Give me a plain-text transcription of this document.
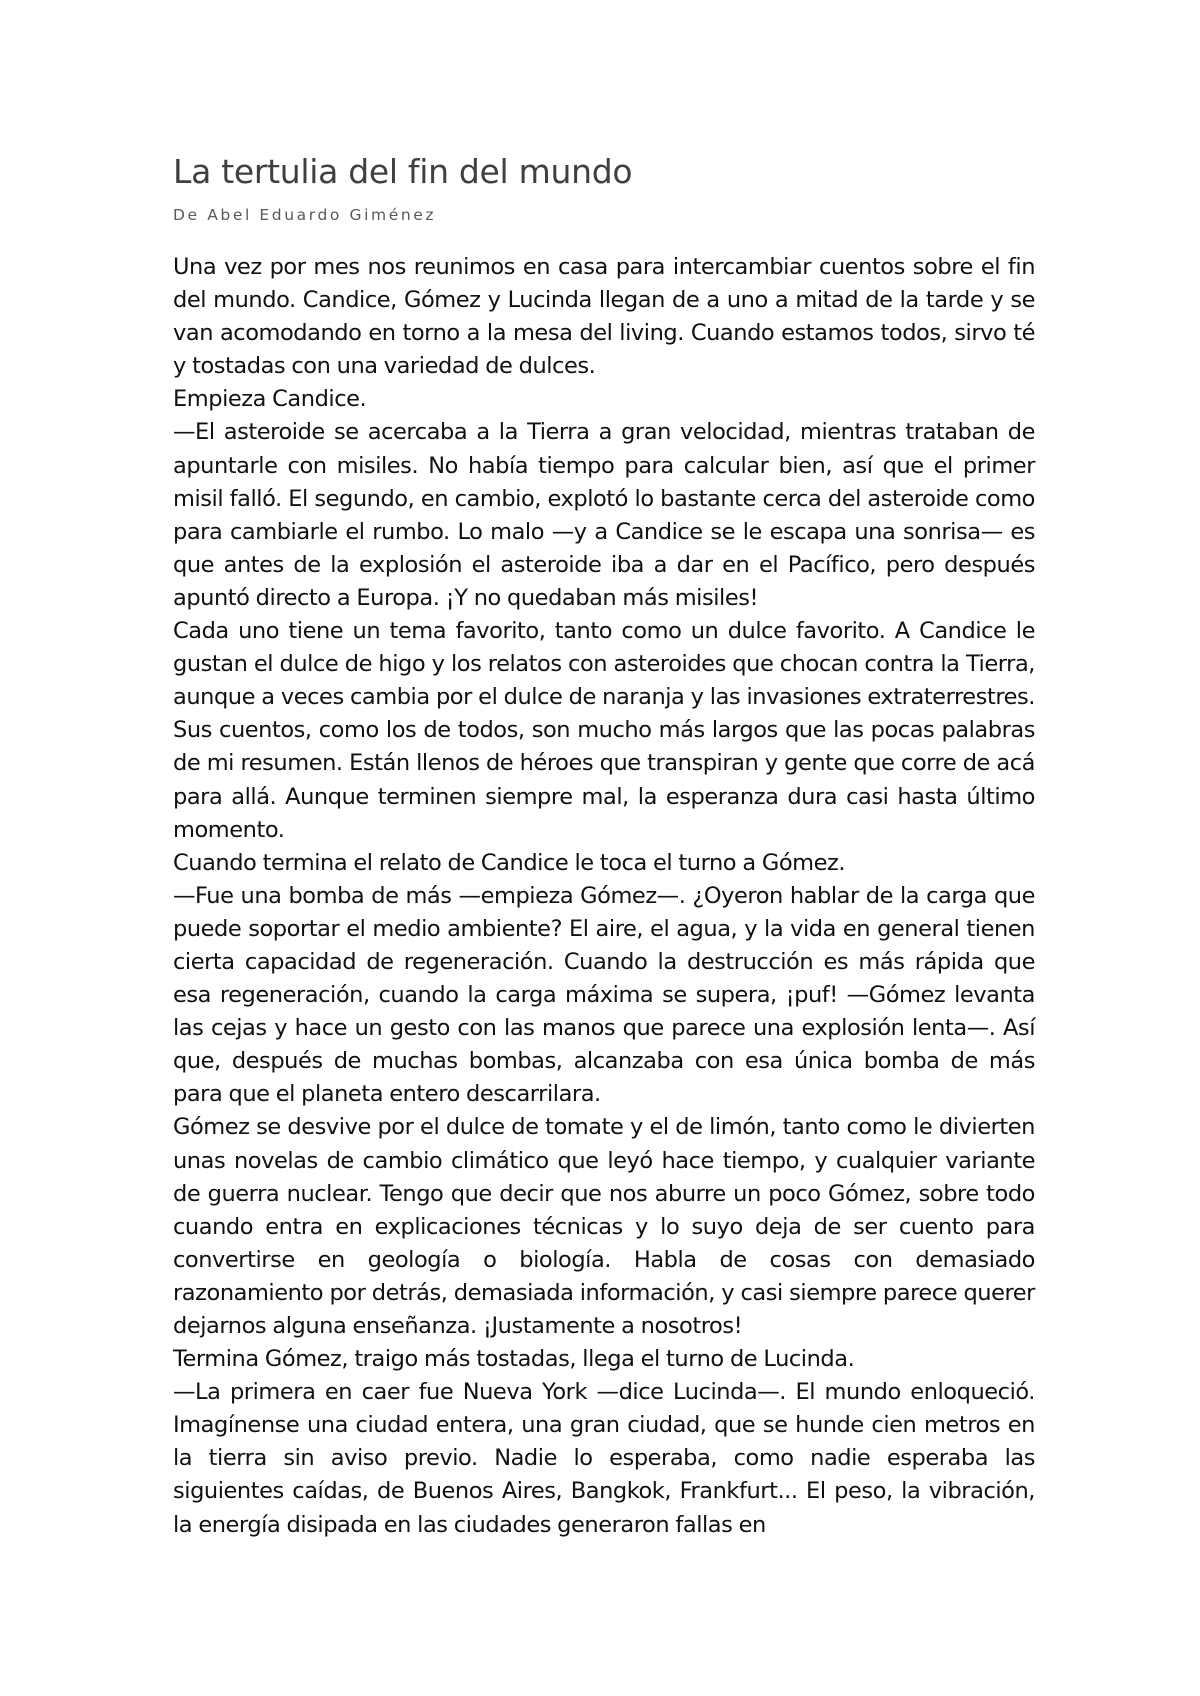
La tertulia del fin del mundo
De Abel Eduardo Giménez

Una vez por mes nos reunimos en casa para intercambiar cuentos sobre el fin del mundo. Candice, Gómez y Lucinda llegan de a uno a mitad de la tarde y se van acomodando en torno a la mesa del living. Cuando estamos todos, sirvo té y tostadas con una variedad de dulces.

Empieza Candice.

—El asteroide se acercaba a la Tierra a gran velocidad, mientras trataban de apuntarle con misiles. No había tiempo para calcular bien, así que el primer misil falló. El segundo, en cambio, explotó lo bastante cerca del asteroide como para cambiarle el rumbo. Lo malo —y a Candice se le escapa una sonrisa— es que antes de la explosión el asteroide iba a dar en el Pacífico, pero después apuntó directo a Europa. ¡Y no quedaban más misiles!

Cada uno tiene un tema favorito, tanto como un dulce favorito. A Candice le gustan el dulce de higo y los relatos con asteroides que chocan contra la Tierra, aunque a veces cambia por el dulce de naranja y las invasiones extraterrestres. Sus cuentos, como los de todos, son mucho más largos que las pocas palabras de mi resumen. Están llenos de héroes que transpiran y gente que corre de acá para allá. Aunque terminen siempre mal, la esperanza dura casi hasta último momento.

Cuando termina el relato de Candice le toca el turno a Gómez.

—Fue una bomba de más —empieza Gómez—. ¿Oyeron hablar de la carga que puede soportar el medio ambiente? El aire, el agua, y la vida en general tienen cierta capacidad de regeneración. Cuando la destrucción es más rápida que esa regeneración, cuando la carga máxima se supera, ¡puf! —Gómez levanta las cejas y hace un gesto con las manos que parece una explosión lenta—. Así que, después de muchas bombas, alcanzaba con esa única bomba de más para que el planeta entero descarrilara.

Gómez se desvive por el dulce de tomate y el de limón, tanto como le divierten unas novelas de cambio climático que leyó hace tiempo, y cualquier variante de guerra nuclear. Tengo que decir que nos aburre un poco Gómez, sobre todo cuando entra en explicaciones técnicas y lo suyo deja de ser cuento para convertirse en geología o biología. Habla de cosas con demasiado razonamiento por detrás, demasiada información, y casi siempre parece querer dejarnos alguna enseñanza. ¡Justamente a nosotros!

Termina Gómez, traigo más tostadas, llega el turno de Lucinda.

—La primera en caer fue Nueva York —dice Lucinda—. El mundo enloqueció. Imagínense una ciudad entera, una gran ciudad, que se hunde cien metros en la tierra sin aviso previo. Nadie lo esperaba, como nadie esperaba las siguientes caídas, de Buenos Aires, Bangkok, Frankfurt... El peso, la vibración, la energía disipada en las ciudades generaron fallas en
